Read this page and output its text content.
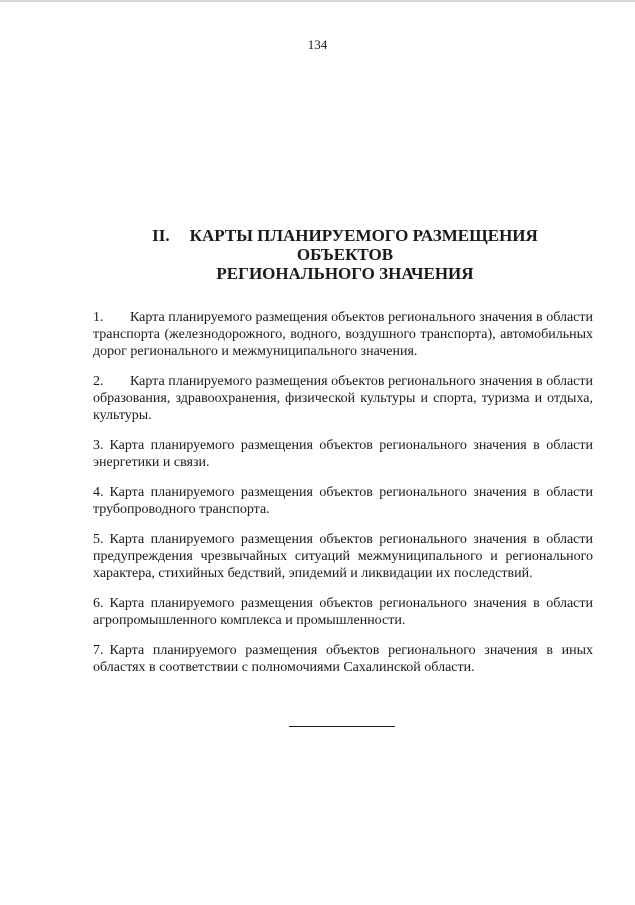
134
II. КАРТЫ ПЛАНИРУЕМОГО РАЗМЕЩЕНИЯ
ОБЪЕКТОВ
РЕГИОНАЛЬНОГО ЗНАЧЕНИЯ

1. Карта планируемого размещения объектов регионального значения в области транспорта (железнодорожного, водного, воздушного транспорта), автомобильных дорог регионального и межмуниципального значения.

2. Карта планируемого размещения объектов регионального значения в области образования, здравоохранения, физической культуры и спорта, туризма и отдыха, культуры.

3. Карта планируемого размещения объектов регионального значения в области энергетики и связи.

4. Карта планируемого размещения объектов регионального значения в области трубопроводного транспорта.

5. Карта планируемого размещения объектов регионального значения в области предупреждения чрезвычайных ситуаций межмуниципального и регионального характера, стихийных бедствий, эпидемий и ликвидации их последствий.

6. Карта планируемого размещения объектов регионального значения в области агропромышленного комплекса и промышленности.

7. Карта планируемого размещения объектов регионального значения в иных областях в соответствии с полномочиями Сахалинской области.
